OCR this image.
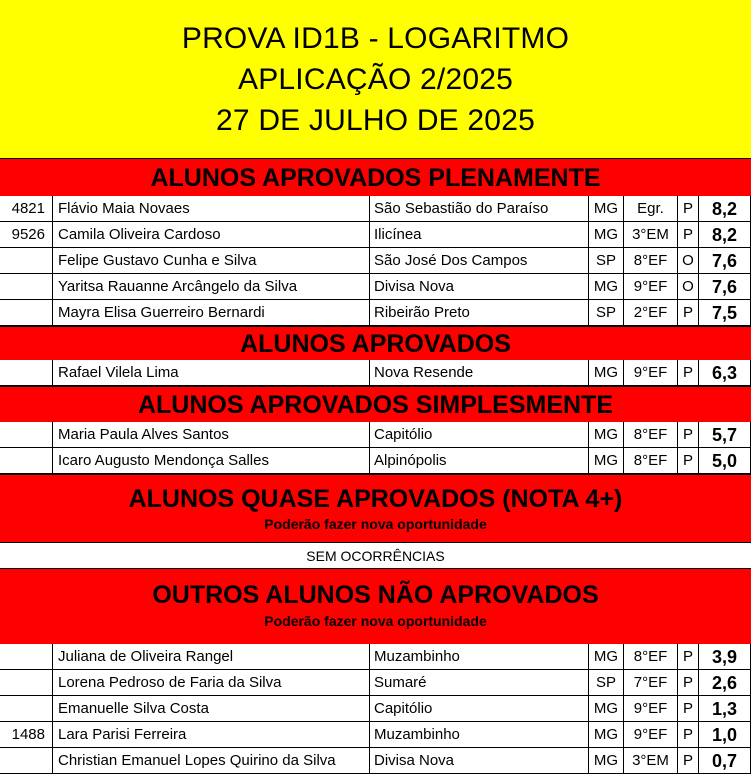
PROVA ID1B - LOGARITMO
APLICAÇÃO 2/2025
27 DE JULHO DE 2025
ALUNOS APROVADOS PLENAMENTE
4821 Flávio Maia Novaes	São Sebastião do Paraíso	MG	Egr.	P	8,2
9526 Camila Oliveira Cardoso	Ilicínea	MG 3°EM P	8,2
Felipe Gustavo Cunha e Silva	São José Dos Campos	SP	8°EF O	7,6
Yaritsa Rauanne Arcângelo da Silva	Divisa Nova	MG	9°EF O	7,6
Mayra Elisa Guerreiro Bernardi	Ribeirão Preto	SP	2°EF	P	7,5
ALUNOS APROVADOS
Rafael Vilela Lima	Nova Resende	MG	9°EF	P	6,3
ALUNOS APROVADOS SIMPLESMENTE
Maria Paula Alves Santos	Capitólio	MG	8°EF	P	5,7
Icaro Augusto Mendonça Salles	Alpinópolis	MG	8°EF	P	5,0
ALUNOS QUASE APROVADOS (NOTA 4+)
Poderão fazer nova oportunidade
SEM OCORRÊNCIAS
OUTROS ALUNOS NÃO APROVADOS
Poderão fazer nova oportunidade
Juliana de Oliveira Rangel	Muzambinho	MG	8°EF	P	3,9
Lorena Pedroso de Faria da Silva	Sumaré	SP	7°EF	P	2,6
Emanuelle Silva Costa	Capitólio	MG	9°EF	P	1,3
1488 Lara Parisi Ferreira	Muzambinho	MG	9°EF	P	1,0
Christian Emanuel Lopes Quirino da Silva	Divisa Nova	MG 3°EM P	0,7
